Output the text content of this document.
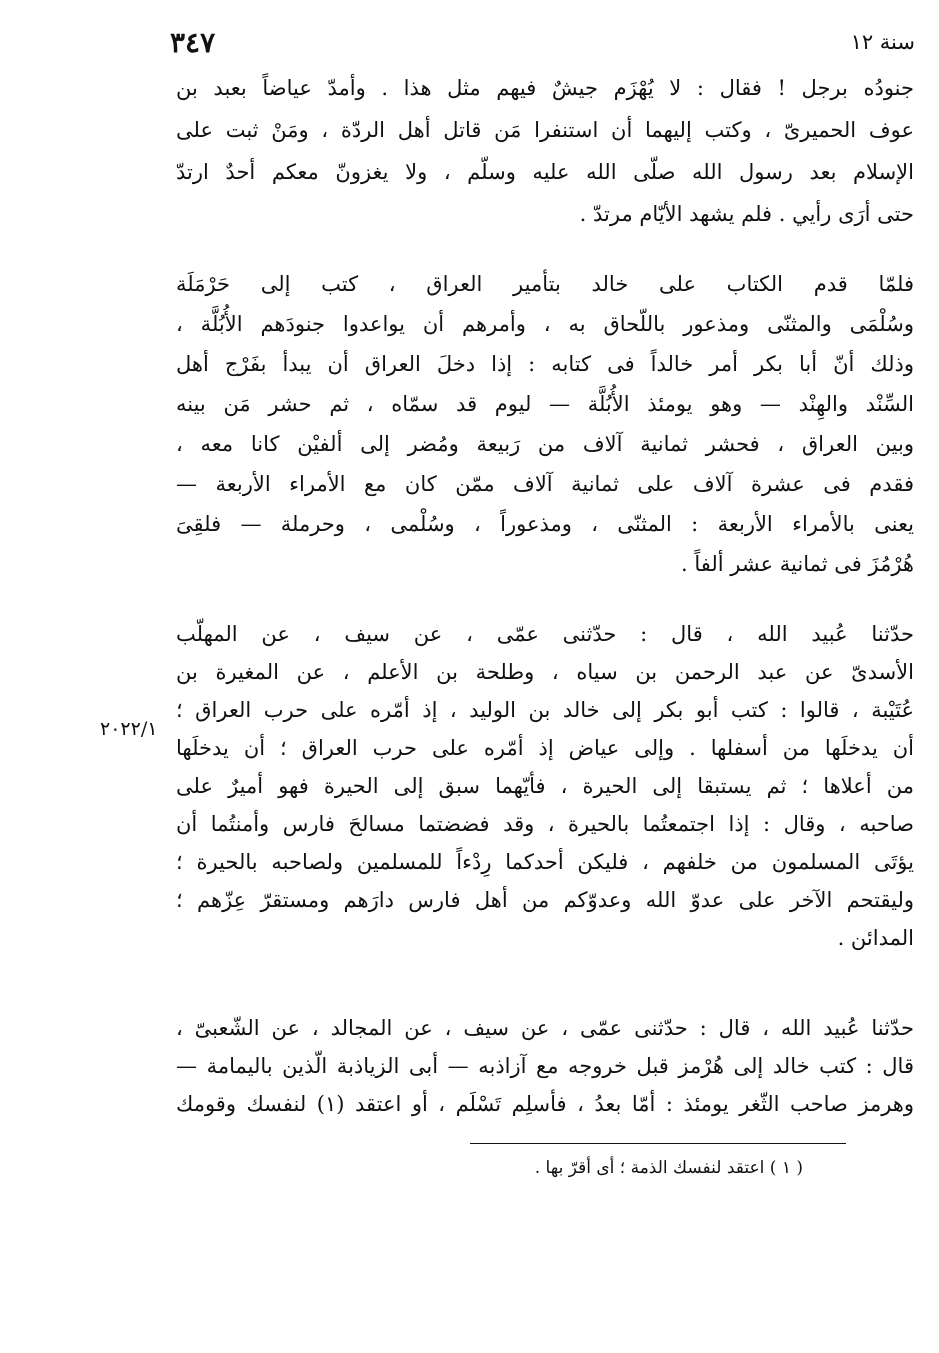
٣٤٧	سنة ١٢
جنودُه برجل ! فقال : لا يُهْزَم جيشٌ فيهم مثل هذا . وأمدّ عياضاً بعبد بن
عوف الحميرىّ ، وكتب إليهما أن استنفرا مَن قاتل أهل الردّة ، ومَنْ ثبت على
الإسلام بعد رسول الله صلّى الله عليه وسلّم ، ولا يغزونّ معكم أحدٌ ارتدّ
حتى أرَى رأيي . فلم يشهد الأيّام مرتدّ .
فلمّا قدم الكتاب على خالد بتأمير العراق ، كتب إلى حَرْمَلَة
وسُلْمَى والمثنّى ومذعور باللّحاق به ، وأمرهم أن يواعدوا جنودَهم الأُبُلَّة ،
وذلك أنّ أبا بكر أمر خالداً فى كتابه : إذا دخلَ العراق أن يبدأ بفَرْج أهل
السِّنْد والهِنْد — وهو يومئذ الأُبُلَّة — ليوم قد سمّاه ، ثم حشر مَن بينه
وبين العراق ، فحشر ثمانية آلاف من رَبيعة ومُضر إلى ألفيْن كانا معه ،
فقدم فى عشرة آلاف على ثمانية آلاف ممّن كان مع الأمراء الأربعة —
يعنى بالأمراء الأربعة : المثنّى ، ومذعوراً ، وسُلْمى ، وحرملة — فلقِىَ
هُرْمُزَ فى ثمانية عشر ألفاً .
حدّثنا عُبيد الله ، قال : حدّثنى عمّى ، عن سيف ، عن المهلّب
الأسدىّ عن عبد الرحمن بن سياه ، وطلحة بن الأعلم ، عن المغيرة بن
عُتَيْبة ، قالوا : كتب أبو بكر إلى خالد بن الوليد ، إذ أمّره على حرب العراق ؛
أن يدخلَها من أسفلها . وإلى عياض إذ أمّره على حرب العراق ؛ أن يدخلَها
من أعلاها ؛ ثم يستبقا إلى الحيرة ، فأيّهما سبق إلى الحيرة فهو أميرٌ على
صاحبه ، وقال : إذا اجتمعتُما بالحيرة ، وقد فضضتما مسالحَ فارس وأمنتُما أن
يؤتَى المسلمون من خلفهم ، فليكن أحدكما رِدْءاً للمسلمين ولصاحبه بالحيرة ؛
وليقتحم الآخر على عدوّ الله وعدوّكم من أهل فارس دارَهم ومستقرّ عِزّهم ؛
المدائن .
٢٠٢٢/١
حدّثنا عُبيد الله ، قال : حدّثنى عمّى ، عن سيف ، عن المجالد ، عن الشّعبىّ ،
قال : كتب خالد إلى هُرْمز قبل خروجه مع آزاذبه — أبى الزياذبة الّذين باليمامة —
وهرمز صاحب الثّغر يومئذ : أمّا بعدُ ، فأسلِم تَسْلَم ، أو اعتقد (١) لنفسك وقومك
( ١ ) اعتقد لنفسك الذمة ؛ أى أقرّ بها .
